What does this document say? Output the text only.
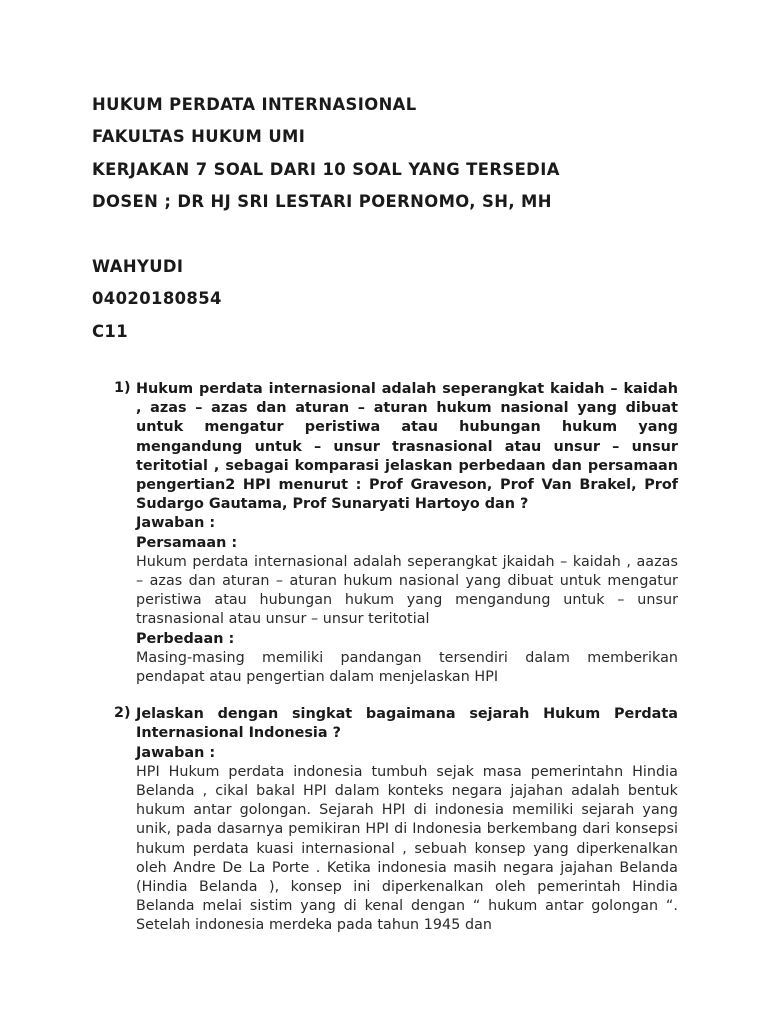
HUKUM PERDATA INTERNASIONAL
FAKULTAS HUKUM UMI
KERJAKAN 7 SOAL DARI 10 SOAL YANG TERSEDIA
DOSEN ; DR HJ SRI LESTARI POERNOMO, SH, MH
WAHYUDI
04020180854
C11
1) Hukum perdata internasional adalah seperangkat kaidah – kaidah , azas – azas dan aturan – aturan hukum nasional yang dibuat untuk mengatur peristiwa atau hubungan hukum yang mengandung untuk – unsur trasnasional atau unsur – unsur teritotial , sebagai komparasi jelaskan perbedaan dan persamaan pengertian2 HPI menurut : Prof Graveson, Prof Van Brakel, Prof Sudargo Gautama, Prof Sunaryati Hartoyo dan ?
Jawaban :
Persamaan :
Hukum perdata internasional adalah seperangkat jkaidah – kaidah , aazas – azas dan aturan – aturan hukum nasional yang dibuat untuk mengatur peristiwa atau hubungan hukum yang mengandung untuk – unsur trasnasional atau unsur – unsur teritotial
Perbedaan :
Masing-masing memiliki pandangan tersendiri dalam memberikan pendapat atau pengertian dalam menjelaskan HPI
2) Jelaskan dengan singkat bagaimana sejarah Hukum Perdata Internasional Indonesia ?
Jawaban :
HPI Hukum perdata indonesia tumbuh sejak masa pemerintahn Hindia Belanda , cikal bakal HPI dalam konteks negara jajahan adalah bentuk hukum antar golongan. Sejarah HPI di indonesia memiliki sejarah yang unik, pada dasarnya pemikiran HPI di Indonesia berkembang dari konsepsi hukum perdata kuasi internasional , sebuah konsep yang diperkenalkan oleh Andre De La Porte . Ketika indonesia masih negara jajahan Belanda (Hindia Belanda ), konsep ini diperkenalkan oleh pemerintah Hindia Belanda melai sistim yang di kenal dengan “ hukum antar golongan “. Setelah indonesia merdeka pada tahun 1945 dan
